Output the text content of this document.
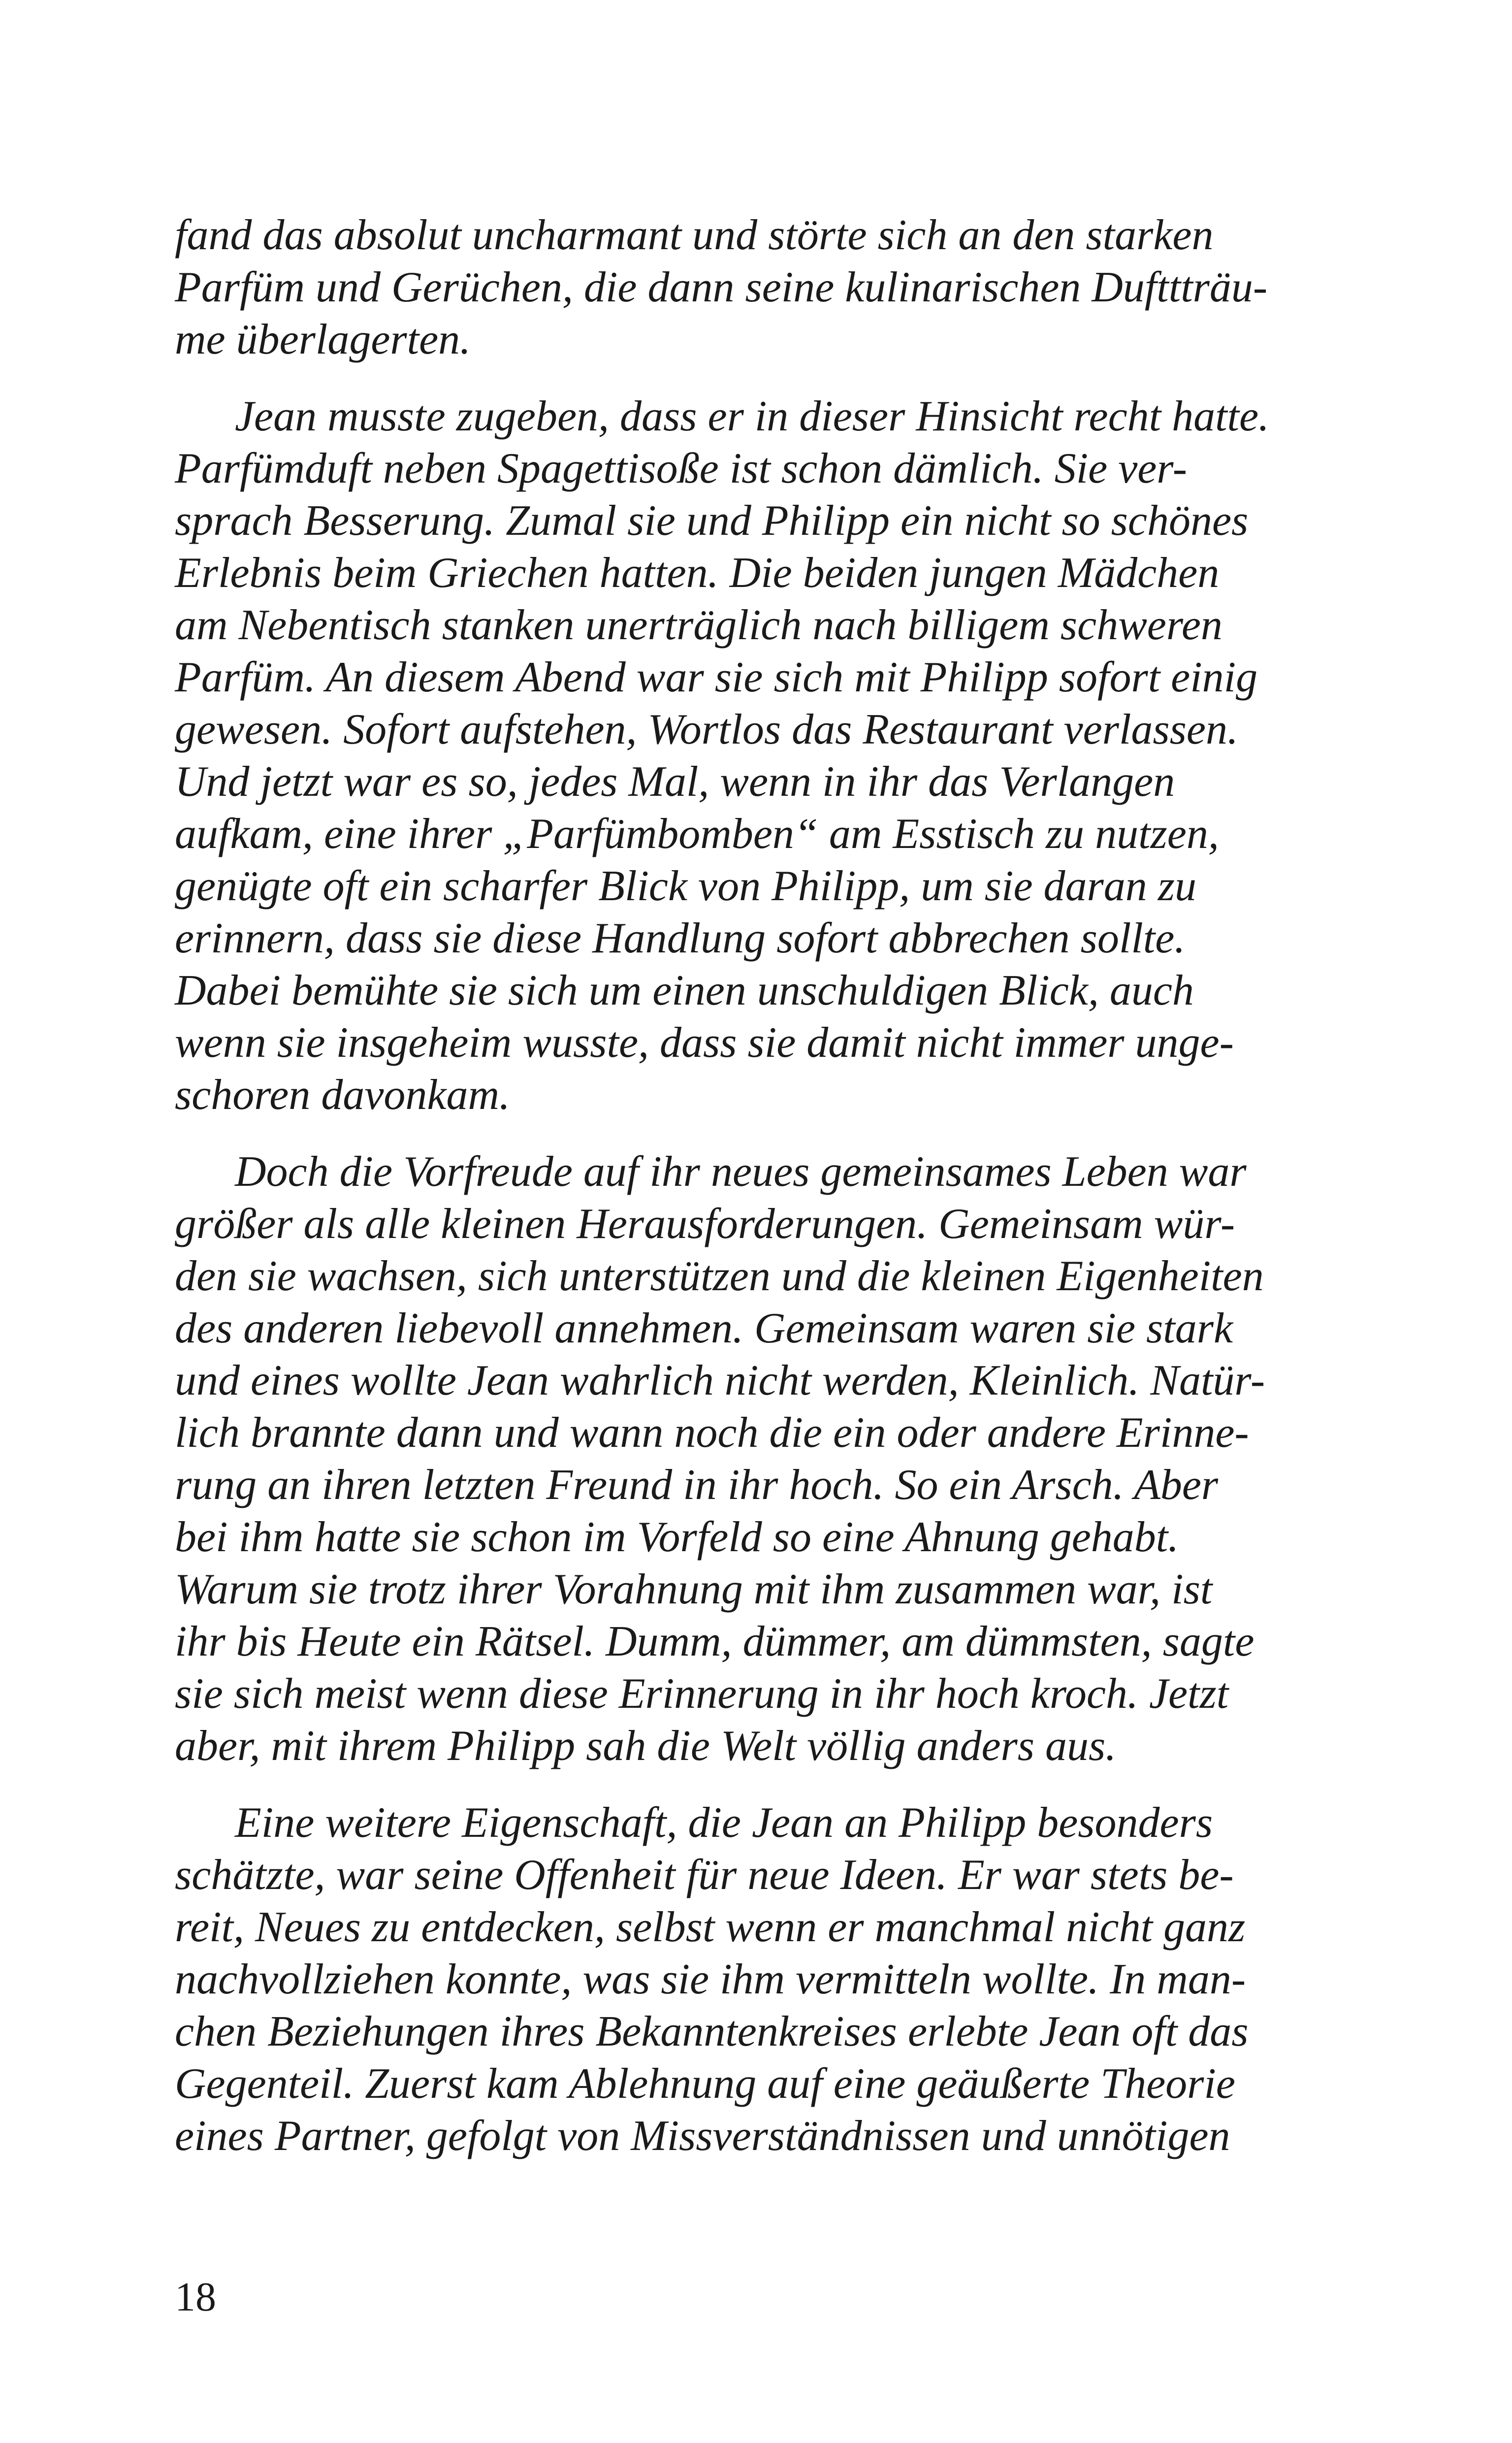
fand das absolut uncharmant und störte sich an den starken
Parfüm und Gerüchen, die dann seine kulinarischen Dufttträu-
me überlagerten.

Jean musste zugeben, dass er in dieser Hinsicht recht hatte.
Parfümduft neben Spagettisoße ist schon dämlich. Sie ver-
sprach Besserung. Zumal sie und Philipp ein nicht so schönes
Erlebnis beim Griechen hatten. Die beiden jungen Mädchen
am Nebentisch stanken unerträglich nach billigem schweren
Parfüm. An diesem Abend war sie sich mit Philipp sofort einig
gewesen. Sofort aufstehen, Wortlos das Restaurant verlassen.
Und jetzt war es so, jedes Mal, wenn in ihr das Verlangen
aufkam, eine ihrer „Parfümbomben“ am Esstisch zu nutzen,
genügte oft ein scharfer Blick von Philipp, um sie daran zu
erinnern, dass sie diese Handlung sofort abbrechen sollte.
Dabei bemühte sie sich um einen unschuldigen Blick, auch
wenn sie insgeheim wusste, dass sie damit nicht immer unge-
schoren davonkam.

Doch die Vorfreude auf ihr neues gemeinsames Leben war
größer als alle kleinen Herausforderungen. Gemeinsam wür-
den sie wachsen, sich unterstützen und die kleinen Eigenheiten
des anderen liebevoll annehmen. Gemeinsam waren sie stark
und eines wollte Jean wahrlich nicht werden, Kleinlich. Natür-
lich brannte dann und wann noch die ein oder andere Erinne-
rung an ihren letzten Freund in ihr hoch. So ein Arsch. Aber
bei ihm hatte sie schon im Vorfeld so eine Ahnung gehabt.
Warum sie trotz ihrer Vorahnung mit ihm zusammen war, ist
ihr bis Heute ein Rätsel. Dumm, dümmer, am dümmsten, sagte
sie sich meist wenn diese Erinnerung in ihr hoch kroch. Jetzt
aber, mit ihrem Philipp sah die Welt völlig anders aus.

Eine weitere Eigenschaft, die Jean an Philipp besonders
schätzte, war seine Offenheit für neue Ideen. Er war stets be-
reit, Neues zu entdecken, selbst wenn er manchmal nicht ganz
nachvollziehen konnte, was sie ihm vermitteln wollte. In man-
chen Beziehungen ihres Bekanntenkreises erlebte Jean oft das
Gegenteil. Zuerst kam Ablehnung auf eine geäußerte Theorie
eines Partner, gefolgt von Missverständnissen und unnötigen

18
